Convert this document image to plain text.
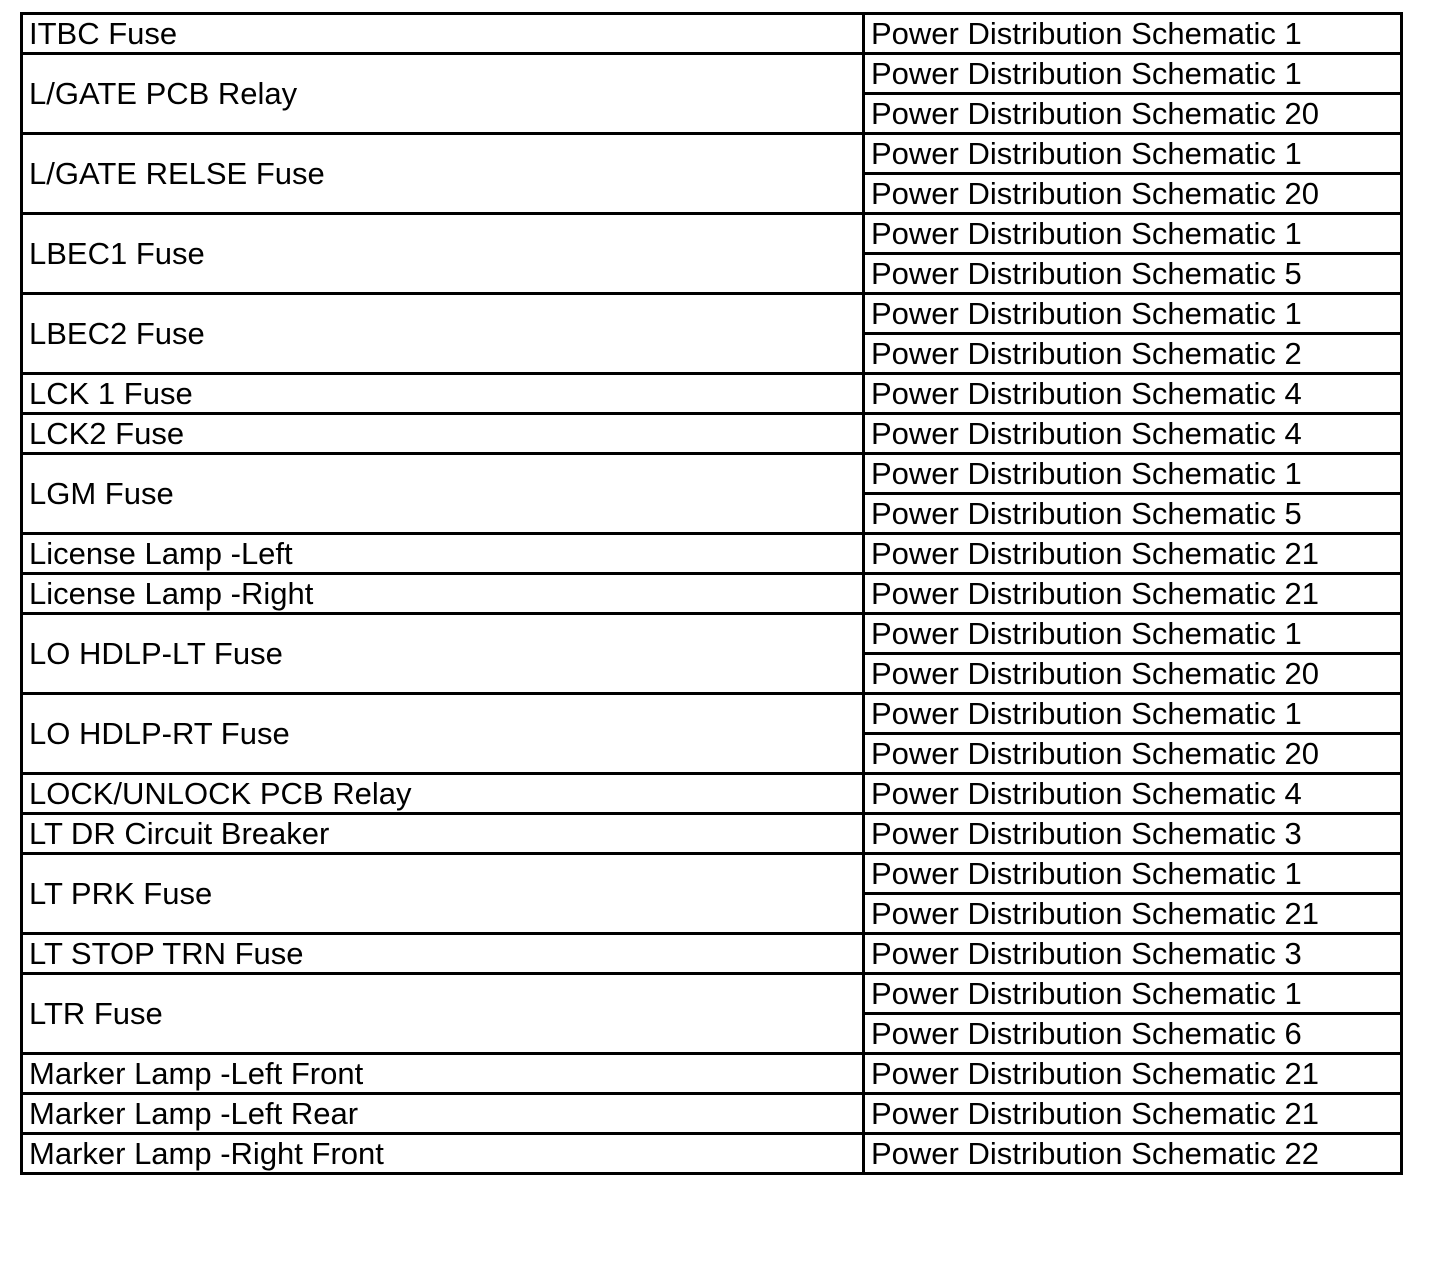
ITBC Fuse	Power Distribution Schematic 1
L/GATE PCB Relay	Power Distribution Schematic 1
	Power Distribution Schematic 20
L/GATE RELSE Fuse	Power Distribution Schematic 1
	Power Distribution Schematic 20
LBEC1 Fuse	Power Distribution Schematic 1
	Power Distribution Schematic 5
LBEC2 Fuse	Power Distribution Schematic 1
	Power Distribution Schematic 2
LCK 1 Fuse	Power Distribution Schematic 4
LCK2 Fuse	Power Distribution Schematic 4
LGM Fuse	Power Distribution Schematic 1
	Power Distribution Schematic 5
License Lamp -Left	Power Distribution Schematic 21
License Lamp -Right	Power Distribution Schematic 21
LO HDLP-LT Fuse	Power Distribution Schematic 1
	Power Distribution Schematic 20
LO HDLP-RT Fuse	Power Distribution Schematic 1
	Power Distribution Schematic 20
LOCK/UNLOCK PCB Relay	Power Distribution Schematic 4
LT DR Circuit Breaker	Power Distribution Schematic 3
LT PRK Fuse	Power Distribution Schematic 1
	Power Distribution Schematic 21
LT STOP TRN Fuse	Power Distribution Schematic 3
LTR Fuse	Power Distribution Schematic 1
	Power Distribution Schematic 6
Marker Lamp -Left Front	Power Distribution Schematic 21
Marker Lamp -Left Rear	Power Distribution Schematic 21
Marker Lamp -Right Front	Power Distribution Schematic 22
